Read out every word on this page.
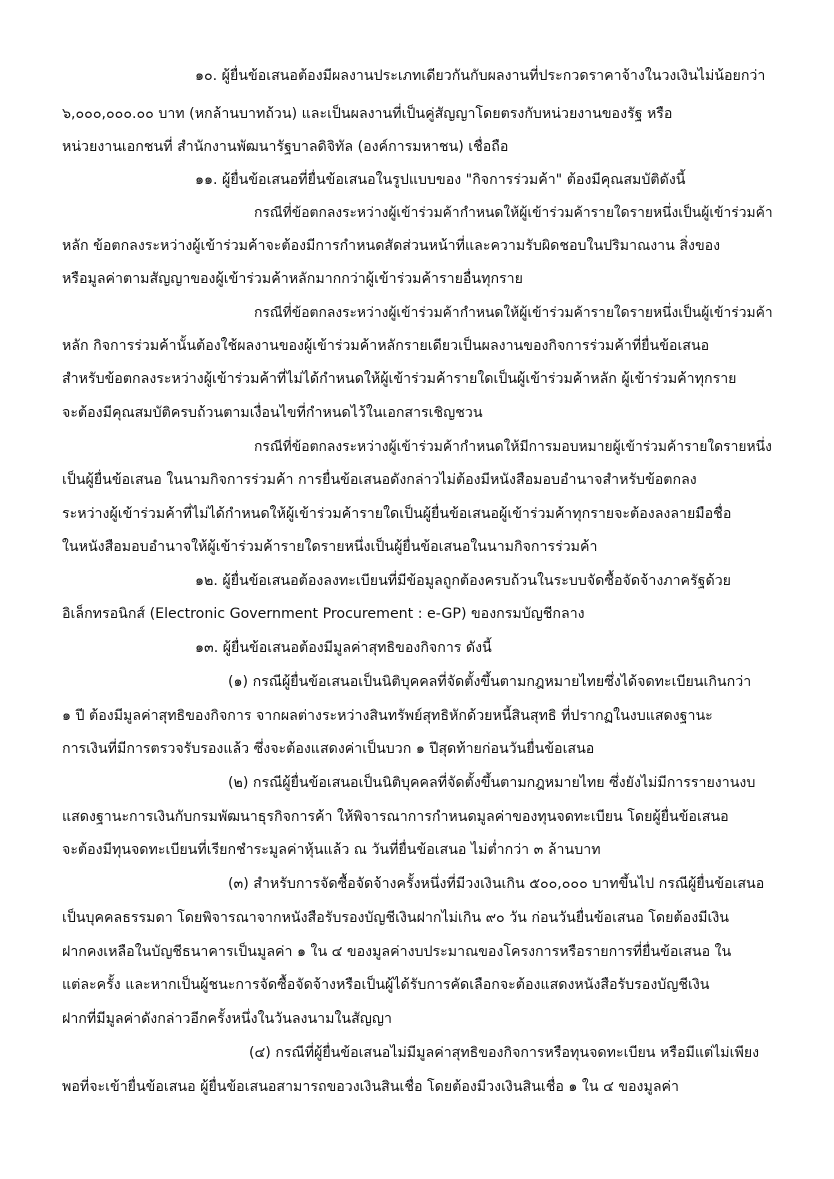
๑๐. ผู้ยื่นข้อเสนอต้องมีผลงานประเภทเดียวกันกับผลงานที่ประกวดราคาจ้างในวงเงินไม่น้อยกว่า
๖,๐๐๐,๐๐๐.๐๐ บาท (หกล้านบาทถ้วน) และเป็นผลงานที่เป็นคู่สัญญาโดยตรงกับหน่วยงานของรัฐ หรือ
หน่วยงานเอกชนที่ สำนักงานพัฒนารัฐบาลดิจิทัล (องค์การมหาชน) เชื่อถือ
๑๑. ผู้ยื่นข้อเสนอที่ยื่นข้อเสนอในรูปแบบของ "กิจการร่วมค้า" ต้องมีคุณสมบัติดังนี้
กรณีที่ข้อตกลงระหว่างผู้เข้าร่วมค้ากำหนดให้ผู้เข้าร่วมค้ารายใดรายหนึ่งเป็นผู้เข้าร่วมค้า
หลัก ข้อตกลงระหว่างผู้เข้าร่วมค้าจะต้องมีการกำหนดสัดส่วนหน้าที่และความรับผิดชอบในปริมาณงาน สิ่งของ
หรือมูลค่าตามสัญญาของผู้เข้าร่วมค้าหลักมากกว่าผู้เข้าร่วมค้ารายอื่นทุกราย
กรณีที่ข้อตกลงระหว่างผู้เข้าร่วมค้ากำหนดให้ผู้เข้าร่วมค้ารายใดรายหนึ่งเป็นผู้เข้าร่วมค้า
หลัก กิจการร่วมค้านั้นต้องใช้ผลงานของผู้เข้าร่วมค้าหลักรายเดียวเป็นผลงานของกิจการร่วมค้าที่ยื่นข้อเสนอ
สำหรับข้อตกลงระหว่างผู้เข้าร่วมค้าที่ไม่ได้กำหนดให้ผู้เข้าร่วมค้ารายใดเป็นผู้เข้าร่วมค้าหลัก ผู้เข้าร่วมค้าทุกราย
จะต้องมีคุณสมบัติครบถ้วนตามเงื่อนไขที่กำหนดไว้ในเอกสารเชิญชวน
กรณีที่ข้อตกลงระหว่างผู้เข้าร่วมค้ากำหนดให้มีการมอบหมายผู้เข้าร่วมค้ารายใดรายหนึ่ง
เป็นผู้ยื่นข้อเสนอ ในนามกิจการร่วมค้า การยื่นข้อเสนอดังกล่าวไม่ต้องมีหนังสือมอบอำนาจสำหรับข้อตกลง
ระหว่างผู้เข้าร่วมค้าที่ไม่ได้กำหนดให้ผู้เข้าร่วมค้ารายใดเป็นผู้ยื่นข้อเสนอผู้เข้าร่วมค้าทุกรายจะต้องลงลายมือชื่อ
ในหนังสือมอบอำนาจให้ผู้เข้าร่วมค้ารายใดรายหนึ่งเป็นผู้ยื่นข้อเสนอในนามกิจการร่วมค้า
๑๒. ผู้ยื่นข้อเสนอต้องลงทะเบียนที่มีข้อมูลถูกต้องครบถ้วนในระบบจัดซื้อจัดจ้างภาครัฐด้วย
อิเล็กทรอนิกส์ (Electronic Government Procurement : e-GP) ของกรมบัญชีกลาง
๑๓. ผู้ยื่นข้อเสนอต้องมีมูลค่าสุทธิของกิจการ ดังนี้
(๑) กรณีผู้ยื่นข้อเสนอเป็นนิติบุคคลที่จัดตั้งขึ้นตามกฎหมายไทยซึ่งได้จดทะเบียนเกินกว่า
๑ ปี ต้องมีมูลค่าสุทธิของกิจการ จากผลต่างระหว่างสินทรัพย์สุทธิหักด้วยหนี้สินสุทธิ ที่ปรากฏในงบแสดงฐานะ
การเงินที่มีการตรวจรับรองแล้ว ซึ่งจะต้องแสดงค่าเป็นบวก ๑ ปีสุดท้ายก่อนวันยื่นข้อเสนอ
(๒) กรณีผู้ยื่นข้อเสนอเป็นนิติบุคคลที่จัดตั้งขึ้นตามกฎหมายไทย ซึ่งยังไม่มีการรายงานงบ
แสดงฐานะการเงินกับกรมพัฒนาธุรกิจการค้า ให้พิจารณาการกำหนดมูลค่าของทุนจดทะเบียน โดยผู้ยื่นข้อเสนอ
จะต้องมีทุนจดทะเบียนที่เรียกชำระมูลค่าหุ้นแล้ว ณ วันที่ยื่นข้อเสนอ ไม่ต่ำกว่า ๓ ล้านบาท
(๓) สำหรับการจัดซื้อจัดจ้างครั้งหนึ่งที่มีวงเงินเกิน ๕๐๐,๐๐๐ บาทขึ้นไป กรณีผู้ยื่นข้อเสนอ
เป็นบุคคลธรรมดา โดยพิจารณาจากหนังสือรับรองบัญชีเงินฝากไม่เกิน ๙๐ วัน ก่อนวันยื่นข้อเสนอ โดยต้องมีเงิน
ฝากคงเหลือในบัญชีธนาคารเป็นมูลค่า ๑ ใน ๔ ของมูลค่างบประมาณของโครงการหรือรายการที่ยื่นข้อเสนอ ใน
แต่ละครั้ง และหากเป็นผู้ชนะการจัดซื้อจัดจ้างหรือเป็นผู้ได้รับการคัดเลือกจะต้องแสดงหนังสือรับรองบัญชีเงิน
ฝากที่มีมูลค่าดังกล่าวอีกครั้งหนึ่งในวันลงนามในสัญญา
(๔) กรณีที่ผู้ยื่นข้อเสนอไม่มีมูลค่าสุทธิของกิจการหรือทุนจดทะเบียน หรือมีแต่ไม่เพียง
พอที่จะเข้ายื่นข้อเสนอ ผู้ยื่นข้อเสนอสามารถขอวงเงินสินเชื่อ โดยต้องมีวงเงินสินเชื่อ ๑ ใน ๔ ของมูลค่า
